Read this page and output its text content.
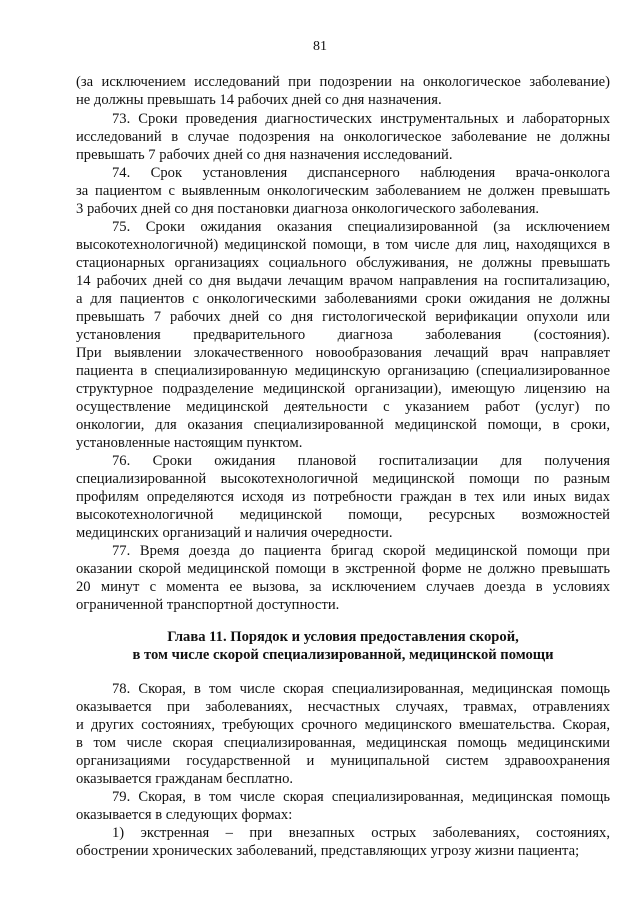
81
(за исключением исследований при подозрении на онкологическое заболевание)
не должны превышать 14 рабочих дней со дня назначения.
73. Сроки проведения диагностических инструментальных и лабораторных
исследований в случае подозрения на онкологическое заболевание не должны
превышать 7 рабочих дней со дня назначения исследований.
74. Срок установления диспансерного наблюдения врача-онколога
за пациентом с выявленным онкологическим заболеванием не должен превышать
3 рабочих дней со дня постановки диагноза онкологического заболевания.
75. Сроки ожидания оказания специализированной (за исключением
высокотехнологичной) медицинской помощи, в том числе для лиц, находящихся в
стационарных организациях социального обслуживания, не должны превышать
14 рабочих дней со дня выдачи лечащим врачом направления на госпитализацию,
а для пациентов с онкологическими заболеваниями сроки ожидания не должны
превышать 7 рабочих дней со дня гистологической верификации опухоли или
установления предварительного диагноза заболевания (состояния).
При выявлении злокачественного новообразования лечащий врач направляет
пациента в специализированную медицинскую организацию (специализированное
структурное подразделение медицинской организации), имеющую лицензию на
осуществление медицинской деятельности с указанием работ (услуг) по
онкологии, для оказания специализированной медицинской помощи, в сроки,
установленные настоящим пунктом.
76. Сроки ожидания плановой госпитализации для получения
специализированной высокотехнологичной медицинской помощи по разным
профилям определяются исходя из потребности граждан в тех или иных видах
высокотехнологичной медицинской помощи, ресурсных возможностей
медицинских организаций и наличия очередности.
77. Время доезда до пациента бригад скорой медицинской помощи при
оказании скорой медицинской помощи в экстренной форме не должно превышать
20 минут с момента ее вызова, за исключением случаев доезда в условиях
ограниченной транспортной доступности.
Глава 11. Порядок и условия предоставления скорой,
в том числе скорой специализированной, медицинской помощи
78. Скорая, в том числе скорая специализированная, медицинская помощь
оказывается при заболеваниях, несчастных случаях, травмах, отравлениях
и других состояниях, требующих срочного медицинского вмешательства. Скорая,
в том числе скорая специализированная, медицинская помощь медицинскими
организациями государственной и муниципальной систем здравоохранения
оказывается гражданам бесплатно.
79. Скорая, в том числе скорая специализированная, медицинская помощь
оказывается в следующих формах:
1) экстренная – при внезапных острых заболеваниях, состояниях,
обострении хронических заболеваний, представляющих угрозу жизни пациента;
